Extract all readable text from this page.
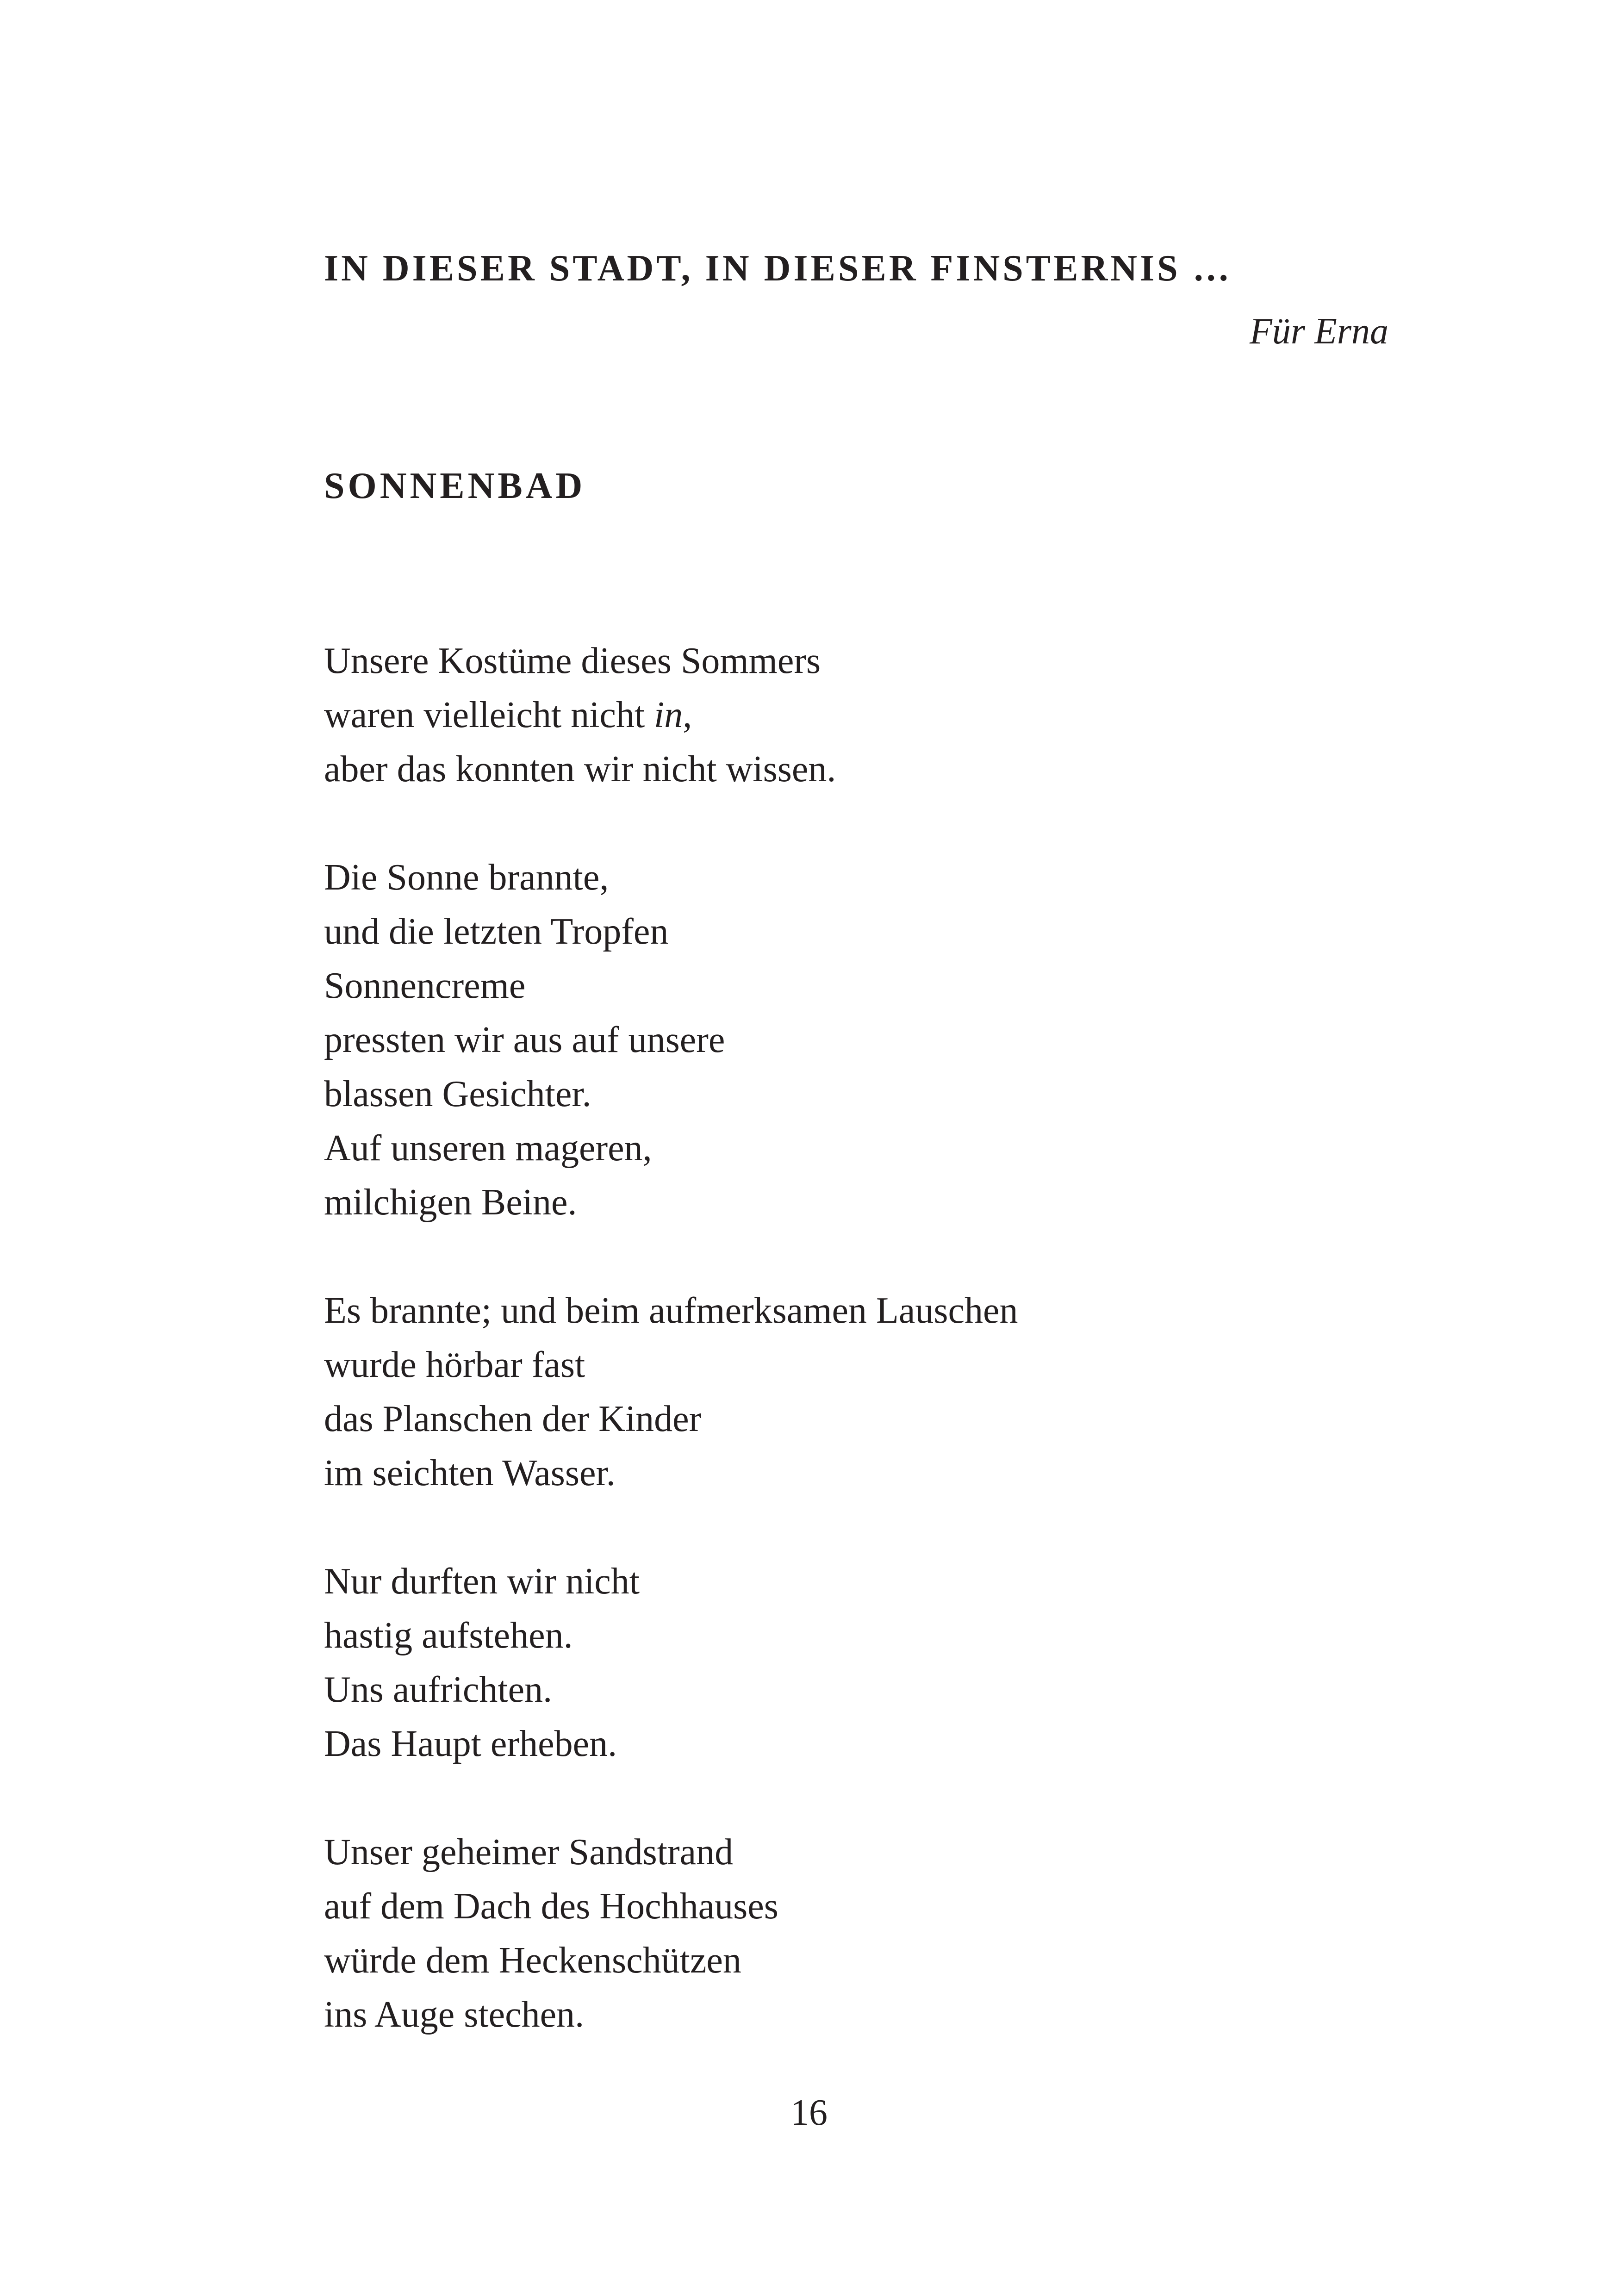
IN DIESER STADT, IN DIESER FINSTERNIS …
Für Erna
SONNENBAD

Unsere Kostüme dieses Sommers
waren vielleicht nicht in,
aber das konnten wir nicht wissen.

Die Sonne brannte,
und die letzten Tropfen
Sonnencreme
pressten wir aus auf unsere
blassen Gesichter.
Auf unseren mageren,
milchigen Beine.

Es brannte; und beim aufmerksamen Lauschen
wurde hörbar fast
das Planschen der Kinder
im seichten Wasser.

Nur durften wir nicht
hastig aufstehen.
Uns aufrichten.
Das Haupt erheben.

Unser geheimer Sandstrand
auf dem Dach des Hochhauses
würde dem Heckenschützen
ins Auge stechen.

16
